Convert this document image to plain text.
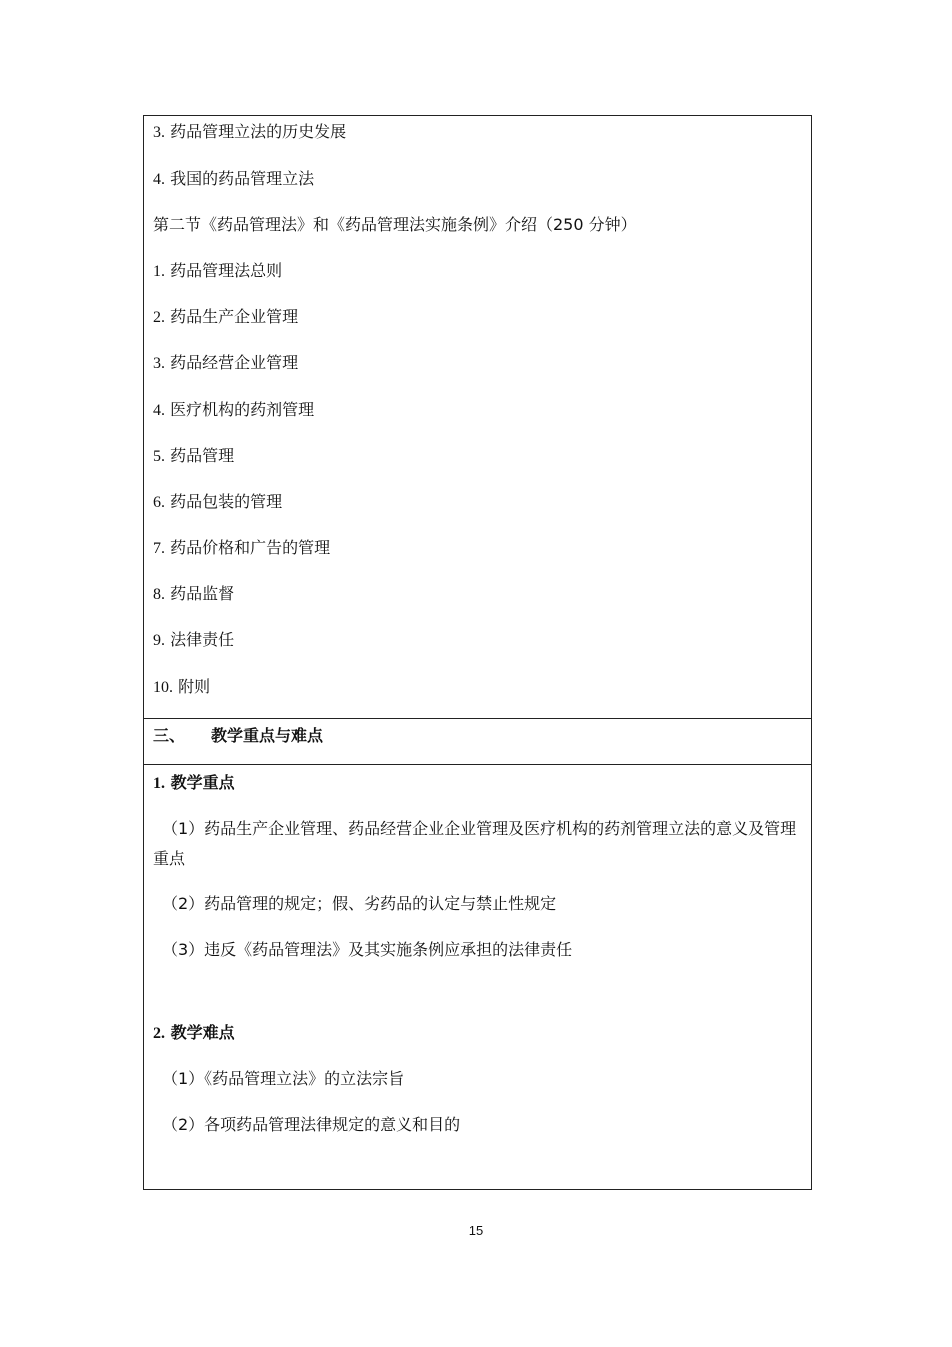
3. 药品管理立法的历史发展
4. 我国的药品管理立法
第二节《药品管理法》和《药品管理法实施条例》介绍（250 分钟）
1. 药品管理法总则
2. 药品生产企业管理
3. 药品经营企业管理
4. 医疗机构的药剂管理
5. 药品管理
6. 药品包装的管理
7. 药品价格和广告的管理
8. 药品监督
9. 法律责任
10. 附则
三、 教学重点与难点
1. 教学重点
（1）药品生产企业管理、药品经营企业企业管理及医疗机构的药剂管理立法的意义及管理重点
（2）药品管理的规定；假、劣药品的认定与禁止性规定
（3）违反《药品管理法》及其实施条例应承担的法律责任
2. 教学难点
（1）《药品管理立法》的立法宗旨
（2）各项药品管理法律规定的意义和目的
15
